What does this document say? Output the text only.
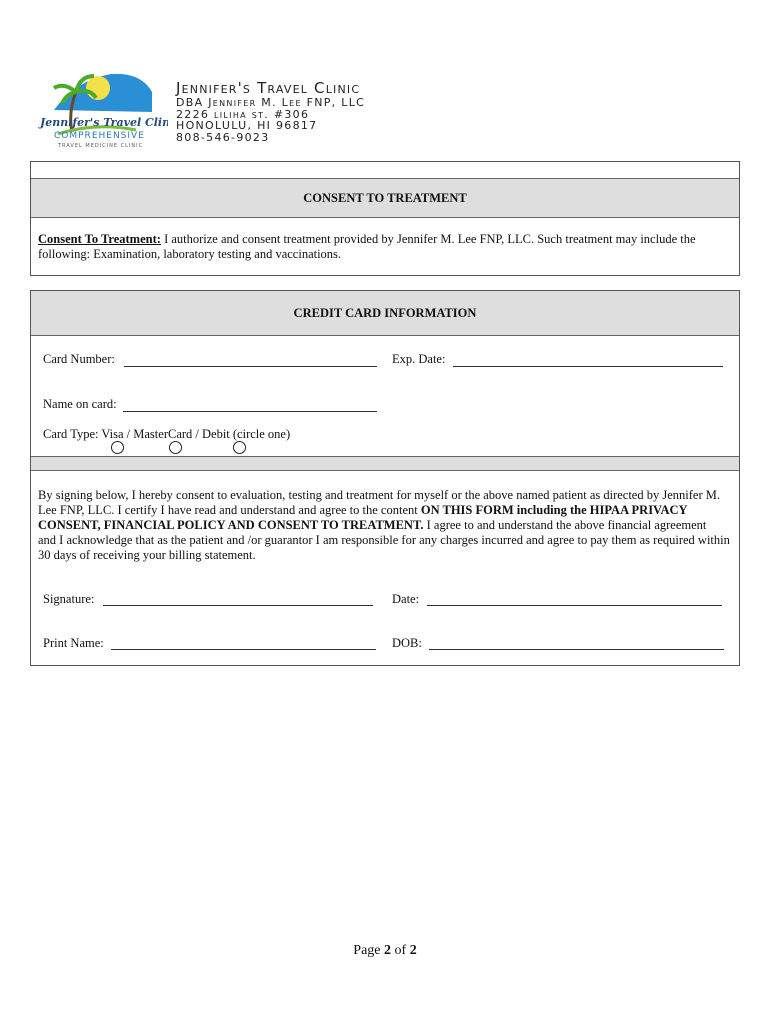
Jennifer's Travel Clinic
COMPREHENSIVE
TRAVEL MEDICINE CLINIC
Jennifer's Travel Clinic
DBA Jennifer M. Lee FNP, LLC
2226 liliha st. #306
HONOLULU, HI 96817
808-546-9023
CONSENT TO TREATMENT
Consent To Treatment: I authorize and consent treatment provided by Jennifer M. Lee FNP, LLC. Such treatment may include the
following: Examination, laboratory testing and vaccinations.
CREDIT CARD INFORMATION
Card Number:	Exp. Date:
Name on card:
Card Type: Visa / MasterCard / Debit (circle one)
By signing below, I hereby consent to evaluation, testing and treatment for myself or the above named patient as directed by Jennifer M.
Lee FNP, LLC. I certify I have read and understand and agree to the content ON THIS FORM including the HIPAA PRIVACY
CONSENT, FINANCIAL POLICY AND CONSENT TO TREATMENT. I agree to and understand the above financial agreement
and I acknowledge that as the patient and /or guarantor I am responsible for any charges incurred and agree to pay them as required within
30 days of receiving your billing statement.
Signature:	Date:
Print Name:	DOB:
Page 2 of 2
